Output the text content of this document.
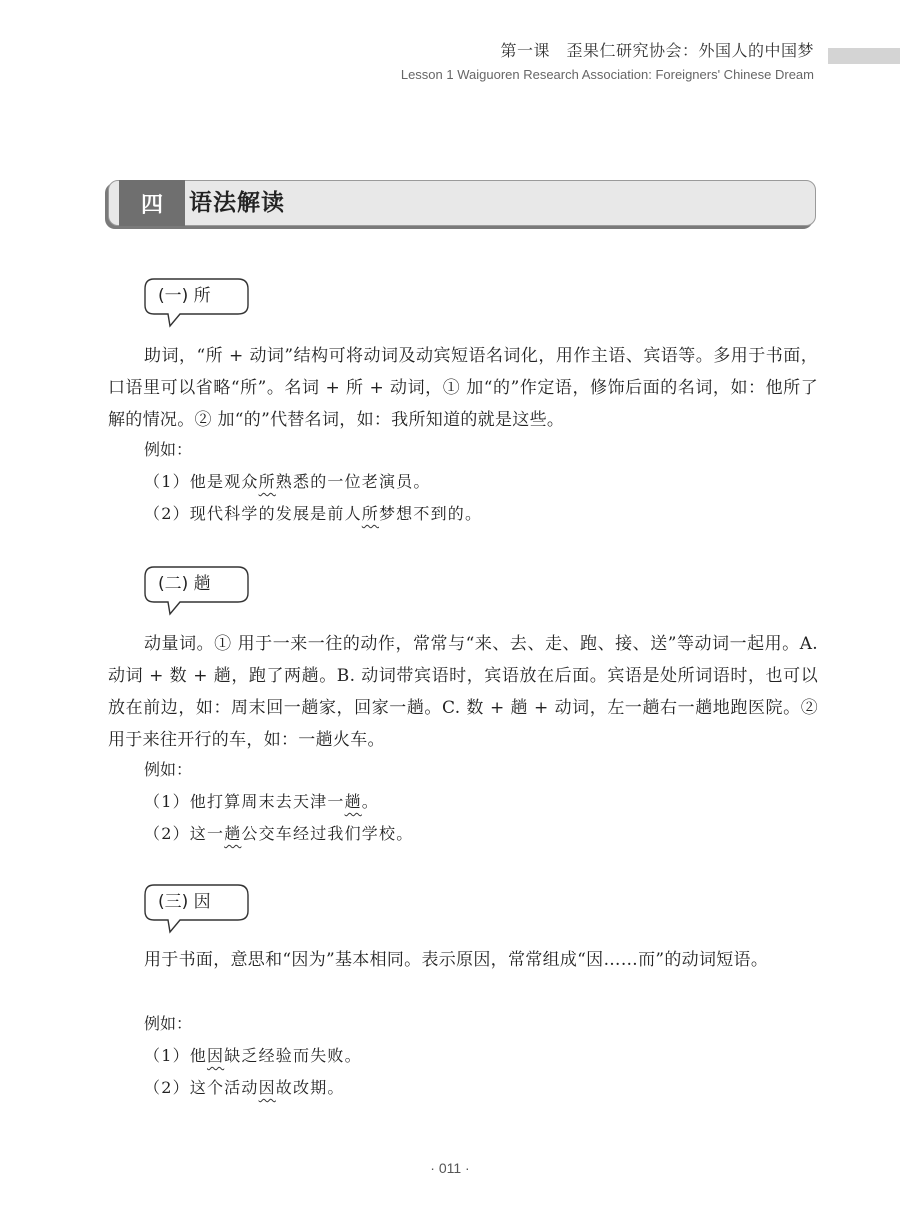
第一课　歪果仁研究协会：外国人的中国梦
Lesson 1 Waiguoren Research Association: Foreigners' Chinese Dream
四	语法解读
(一) 所
助词，“所 + 动词”结构可将动词及动宾短语名词化，用作主语、宾语等。多用于书面，口语里可以省略“所”。名词 + 所 + 动词，① 加“的”作定语，修饰后面的名词，如：他所了解的情况。② 加“的”代替名词，如：我所知道的就是这些。
例如：
（1）他是观众所熟悉的一位老演员。
（2）现代科学的发展是前人所梦想不到的。
(二) 趟
动量词。① 用于一来一往的动作，常常与“来、去、走、跑、接、送”等动词一起用。A. 动词 + 数 + 趟，跑了两趟。B. 动词带宾语时，宾语放在后面。宾语是处所词语时，也可以放在前边，如：周末回一趟家，回家一趟。C. 数 + 趟 + 动词，左一趟右一趟地跑医院。② 用于来往开行的车，如：一趟火车。
例如：
（1）他打算周末去天津一趟。
（2）这一趟公交车经过我们学校。
(三) 因
用于书面，意思和“因为”基本相同。表示原因，常常组成“因……而”的动词短语。
例如：
（1）他因缺乏经验而失败。
（2）这个活动因故改期。
· 011 ·
